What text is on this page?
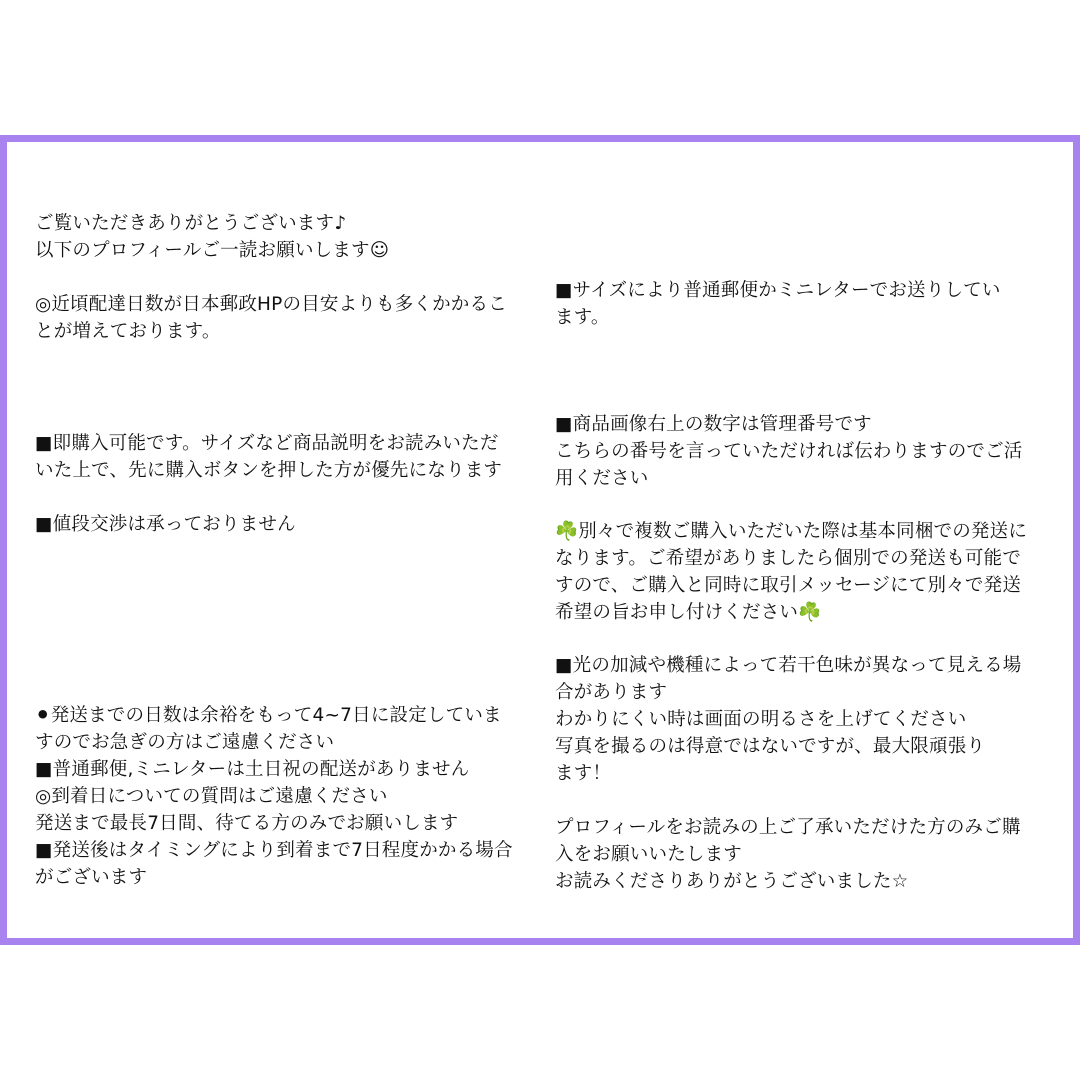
ご覧いただきありがとうございます♪
以下のプロフィールご一読お願いします☺

◎近頃配達日数が日本郵政HPの目安よりも多くかかるこ
とが増えております。
■即購入可能です。サイズなど商品説明をお読みいただ
いた上で、先に購入ボタンを押した方が優先になります

■値段交渉は承っておりません
⚫発送までの日数は余裕をもって4~7日に設定していま
すのでお急ぎの方はご遠慮ください
■普通郵便,ミニレターは土日祝の配送がありません
◎到着日についての質問はご遠慮ください
発送まで最長7日間、待てる方のみでお願いします
■発送後はタイミングにより到着まで7日程度かかる場合
がございます
■サイズにより普通郵便かミニレターでお送りしてい
ます。
■商品画像右上の数字は管理番号です
こちらの番号を言っていただければ伝わりますのでご活
用ください
☘️別々で複数ご購入いただいた際は基本同梱での発送に
なります。ご希望がありましたら個別での発送も可能で
すので、ご購入と同時に取引メッセージにて別々で発送
希望の旨お申し付けください☘️
■光の加減や機種によって若干色味が異なって見える場
合があります
わかりにくい時は画面の明るさを上げてください
写真を撮るのは得意ではないですが、最大限頑張り
ます！

プロフィールをお読みの上ご了承いただけた方のみご購
入をお願いいたします
お読みくださりありがとうございました☆
